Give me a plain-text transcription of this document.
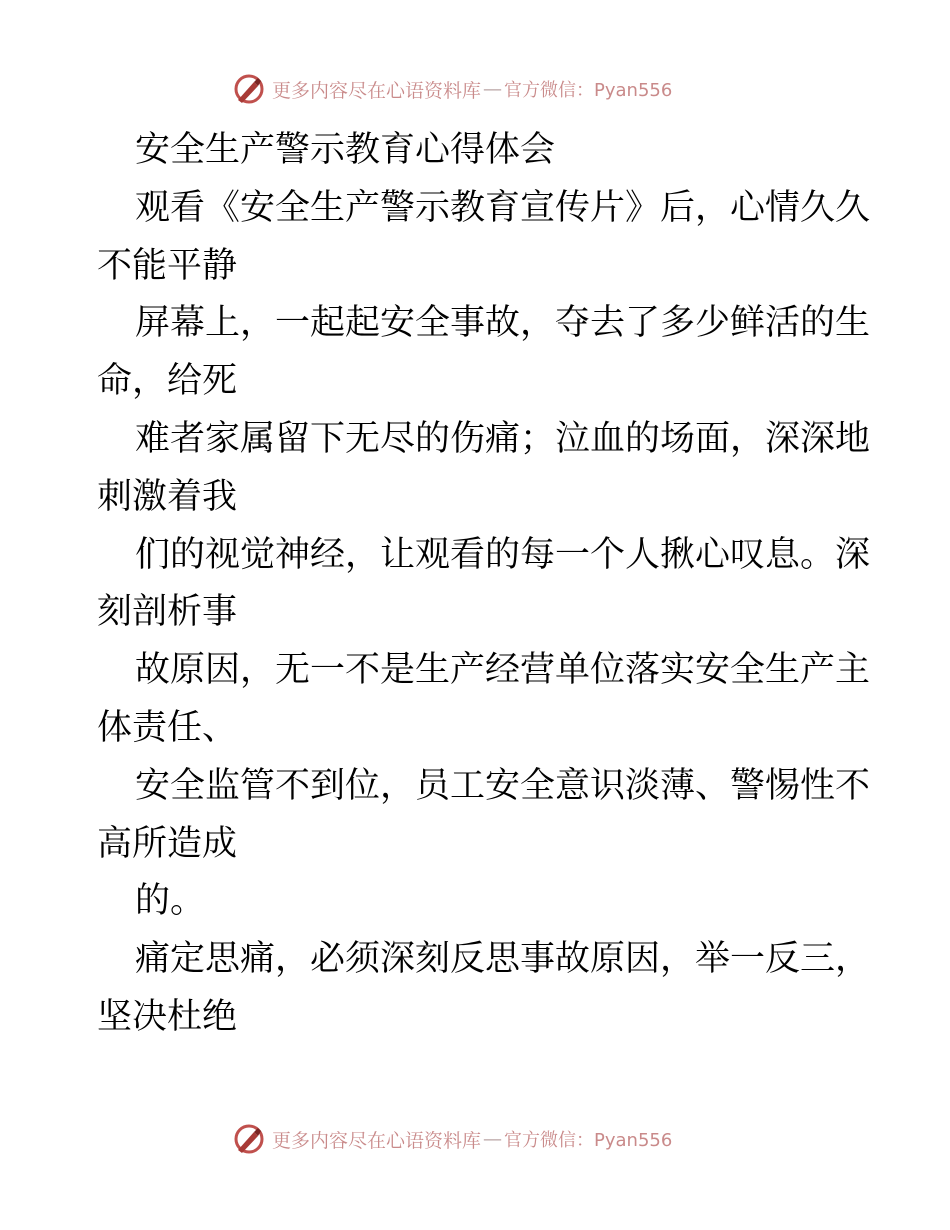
更多内容尽在心语资料库 — 官方微信：Pyan556
安全生产警示教育心得体会
观看《安全生产警示教育宣传片》后，心情久久
不能平静
屏幕上，一起起安全事故，夺去了多少鲜活的生
命，给死
难者家属留下无尽的伤痛；泣血的场面，深深地
刺激着我
们的视觉神经，让观看的每一个人揪心叹息。深
刻剖析事
故原因，无一不是生产经营单位落实安全生产主
体责任、
安全监管不到位，员工安全意识淡薄、警惕性不
高所造成
的。
痛定思痛，必须深刻反思事故原因，举一反三，
坚决杜绝
更多内容尽在心语资料库 — 官方微信：Pyan556
